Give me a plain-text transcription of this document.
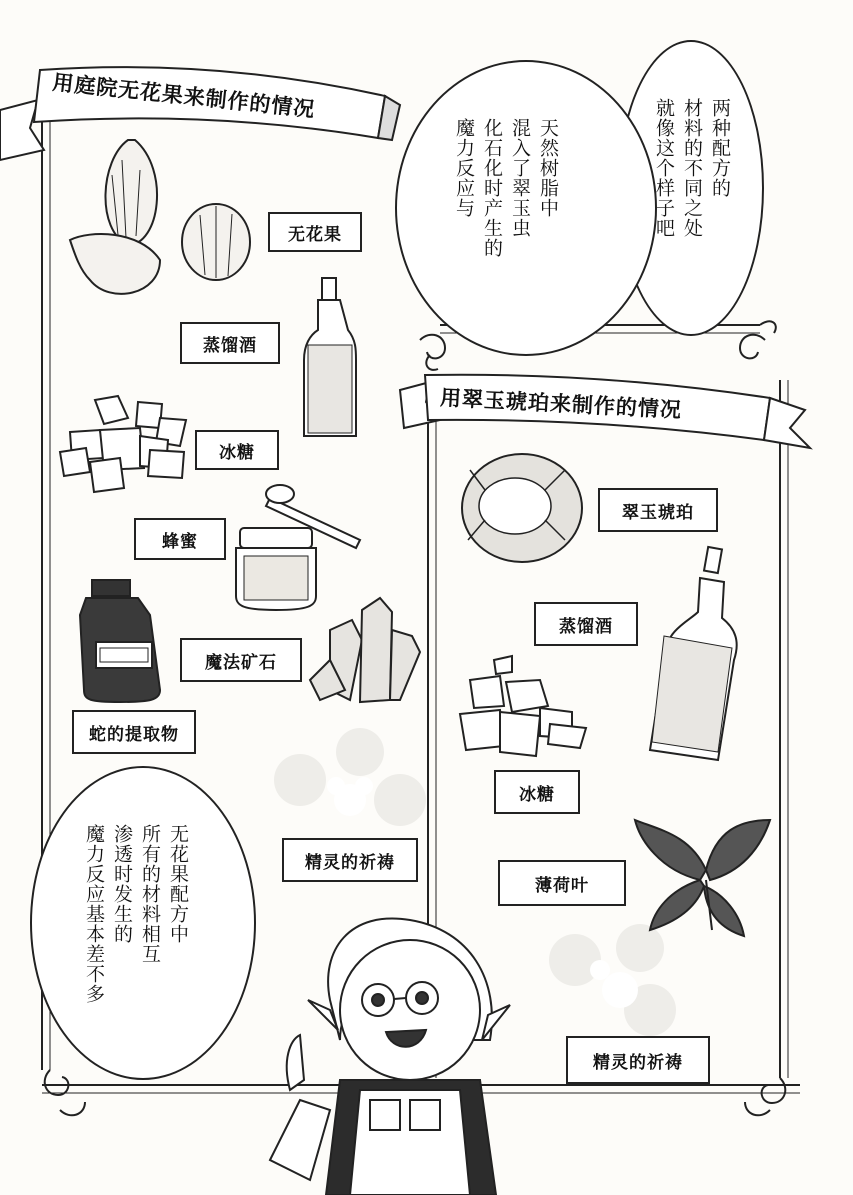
用庭院无花果来制作的情况
用翠玉琥珀来制作的情况
无花果
蒸馏酒
冰糖
蜂蜜
魔法矿石
蛇的提取物
精灵的祈祷
翠玉琥珀
蒸馏酒
冰糖
薄荷叶
精灵的祈祷
两种配方的
材料的不同之处
就像这个样子吧
天然树脂中
混入了翠玉虫
化石化时产生的
魔力反应与
无花果配方中
所有的材料相互
渗透时发生的
魔力反应基本差不多
